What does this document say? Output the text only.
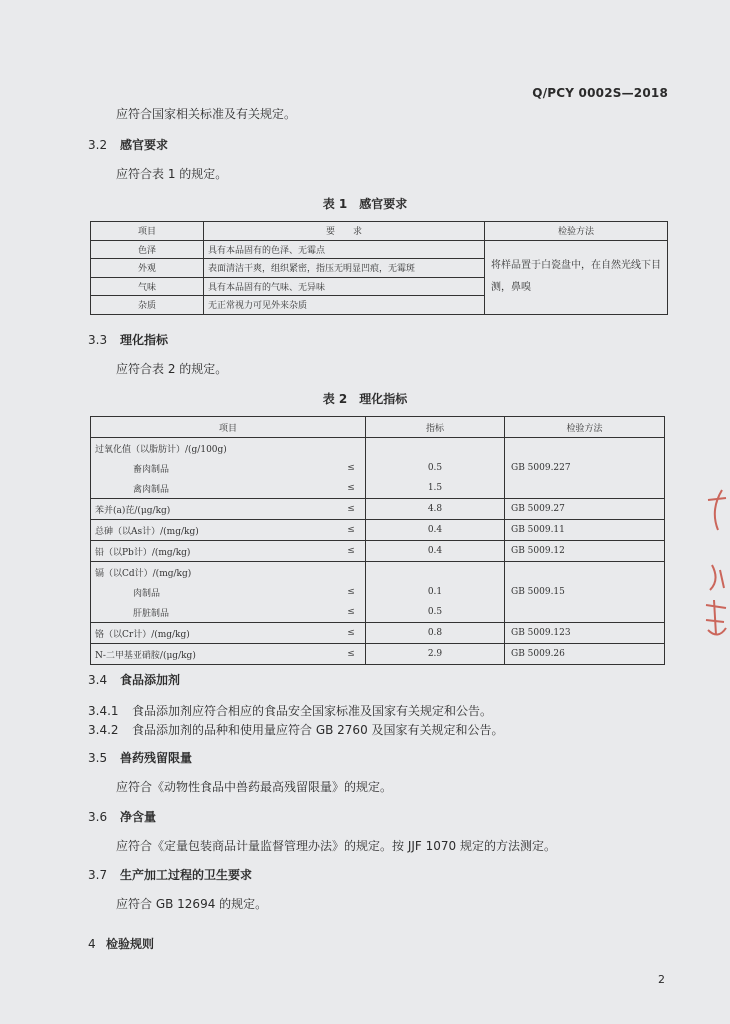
Q/PCY 0002S—2018
应符合国家相关标准及有关规定。
3.2 感官要求
应符合表 1 的规定。
表 1　感官要求
项目	要　　求	检验方法
色泽	具有本品固有的色泽、无霉点	将样品置于白瓷盘中，在自然光线下目测，鼻嗅
外观	表面清洁干爽，组织紧密，指压无明显凹痕，无霉斑	
气味	具有本品固有的气味、无异味	
杂质	无正常视力可见外来杂质	
3.3 理化指标
应符合表 2 的规定。
表 2　理化指标
项目		指标	检验方法
过氧化值（以脂肪计）/(g/100g)			GB 5009.227
畜肉制品	≤	0.5	
禽肉制品	≤	1.5	
苯并(a)芘/(μg/kg)	≤	4.8	GB 5009.27
总砷（以As计）/(mg/kg)	≤	0.4	GB 5009.11
铅（以Pb计）/(mg/kg)	≤	0.4	GB 5009.12
镉（以Cd计）/(mg/kg)			GB 5009.15
肉制品	≤	0.1	
肝脏制品	≤	0.5	
铬（以Cr计）/(mg/kg)	≤	0.8	GB 5009.123
N-二甲基亚硝胺/(μg/kg)	≤	2.9	GB 5009.26
3.4 食品添加剂
3.4.1 食品添加剂应符合相应的食品安全国家标准及国家有关规定和公告。
3.4.2 食品添加剂的品种和使用量应符合 GB 2760 及国家有关规定和公告。
3.5 兽药残留限量
应符合《动物性食品中兽药最高残留限量》的规定。
3.6 净含量
应符合《定量包装商品计量监督管理办法》的规定。按 JJF 1070 规定的方法测定。
3.7 生产加工过程的卫生要求
应符合 GB 12694 的规定。
4 检验规则
2
